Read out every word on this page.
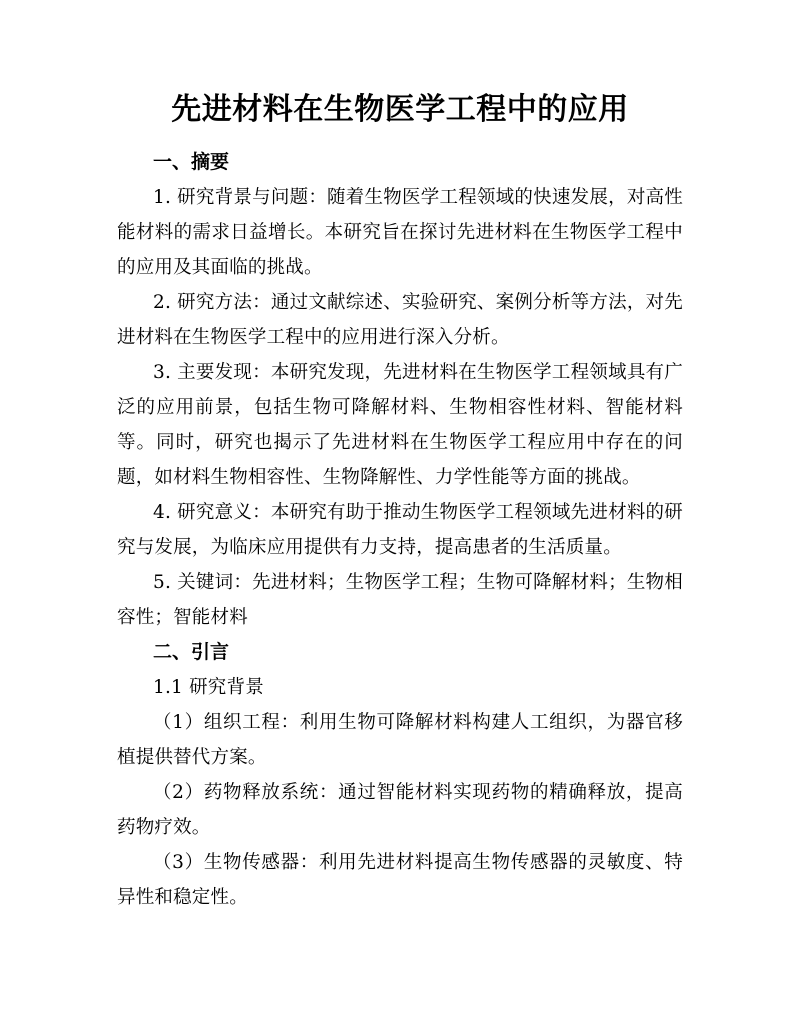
先进材料在生物医学工程中的应用
一、摘要

1. 研究背景与问题：随着生物医学工程领域的快速发展，对高性能材料的需求日益增长。本研究旨在探讨先进材料在生物医学工程中的应用及其面临的挑战。

2. 研究方法：通过文献综述、实验研究、案例分析等方法，对先进材料在生物医学工程中的应用进行深入分析。

3. 主要发现：本研究发现，先进材料在生物医学工程领域具有广泛的应用前景，包括生物可降解材料、生物相容性材料、智能材料等。同时，研究也揭示了先进材料在生物医学工程应用中存在的问题，如材料生物相容性、生物降解性、力学性能等方面的挑战。

4. 研究意义：本研究有助于推动生物医学工程领域先进材料的研究与发展，为临床应用提供有力支持，提高患者的生活质量。

5. 关键词：先进材料；生物医学工程；生物可降解材料；生物相容性；智能材料

二、引言

1.1 研究背景

（1）组织工程：利用生物可降解材料构建人工组织，为器官移植提供替代方案。

（2）药物释放系统：通过智能材料实现药物的精确释放，提高药物疗效。

（3）生物传感器：利用先进材料提高生物传感器的灵敏度、特异性和稳定性。
